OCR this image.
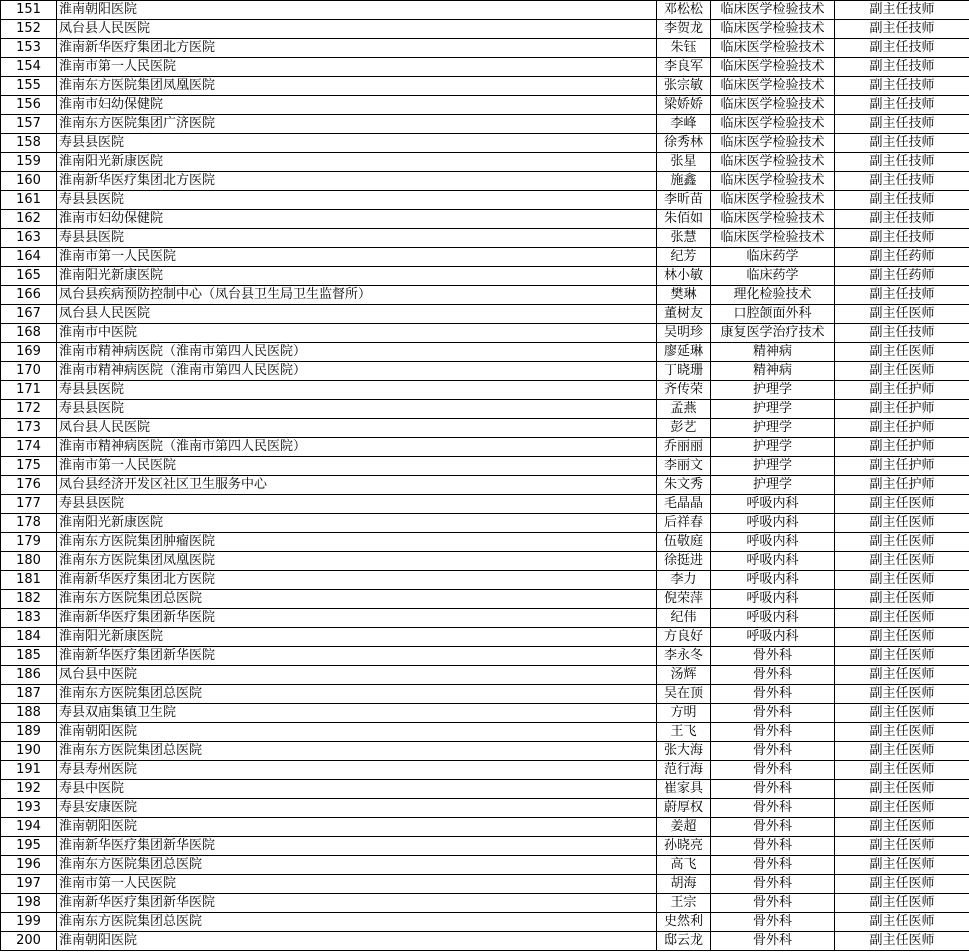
151	淮南朝阳医院	邓松松	临床医学检验技术	副主任技师
152	凤台县人民医院	李贺龙	临床医学检验技术	副主任技师
153	淮南新华医疗集团北方医院	朱钰	临床医学检验技术	副主任技师
154	淮南市第一人民医院	李良军	临床医学检验技术	副主任技师
155	淮南东方医院集团凤凰医院	张宗敏	临床医学检验技术	副主任技师
156	淮南市妇幼保健院	梁娇娇	临床医学检验技术	副主任技师
157	淮南东方医院集团广济医院	李峰	临床医学检验技术	副主任技师
158	寿县县医院	徐秀林	临床医学检验技术	副主任技师
159	淮南阳光新康医院	张星	临床医学检验技术	副主任技师
160	淮南新华医疗集团北方医院	施鑫	临床医学检验技术	副主任技师
161	寿县县医院	李昕苗	临床医学检验技术	副主任技师
162	淮南市妇幼保健院	朱佰如	临床医学检验技术	副主任技师
163	寿县县医院	张慧	临床医学检验技术	副主任技师
164	淮南市第一人民医院	纪芳	临床药学	副主任药师
165	淮南阳光新康医院	林小敏	临床药学	副主任药师
166	凤台县疾病预防控制中心（凤台县卫生局卫生监督所）	樊琳	理化检验技术	副主任技师
167	凤台县人民医院	董树友	口腔颌面外科	副主任医师
168	淮南市中医院	吴明珍	康复医学治疗技术	副主任技师
169	淮南市精神病医院（淮南市第四人民医院）	廖延琳	精神病	副主任医师
170	淮南市精神病医院（淮南市第四人民医院）	丁晓珊	精神病	副主任医师
171	寿县县医院	齐传荣	护理学	副主任护师
172	寿县县医院	孟燕	护理学	副主任护师
173	凤台县人民医院	彭艺	护理学	副主任护师
174	淮南市精神病医院（淮南市第四人民医院）	乔丽丽	护理学	副主任护师
175	淮南市第一人民医院	李丽文	护理学	副主任护师
176	凤台县经济开发区社区卫生服务中心	朱文秀	护理学	副主任护师
177	寿县县医院	毛晶晶	呼吸内科	副主任医师
178	淮南阳光新康医院	后祥春	呼吸内科	副主任医师
179	淮南东方医院集团肿瘤医院	伍敬庭	呼吸内科	副主任医师
180	淮南东方医院集团凤凰医院	徐挺进	呼吸内科	副主任医师
181	淮南新华医疗集团北方医院	李力	呼吸内科	副主任医师
182	淮南东方医院集团总医院	倪荣萍	呼吸内科	副主任医师
183	淮南新华医疗集团新华医院	纪伟	呼吸内科	副主任医师
184	淮南阳光新康医院	方良好	呼吸内科	副主任医师
185	淮南新华医疗集团新华医院	李永冬	骨外科	副主任医师
186	凤台县中医院	汤辉	骨外科	副主任医师
187	淮南东方医院集团总医院	吴在顶	骨外科	副主任医师
188	寿县双庙集镇卫生院	方明	骨外科	副主任医师
189	淮南朝阳医院	王飞	骨外科	副主任医师
190	淮南东方医院集团总医院	张大海	骨外科	副主任医师
191	寿县寿州医院	范行海	骨外科	副主任医师
192	寿县中医院	崔家具	骨外科	副主任医师
193	寿县安康医院	蔚厚权	骨外科	副主任医师
194	淮南朝阳医院	姜超	骨外科	副主任医师
195	淮南新华医疗集团新华医院	孙晓亮	骨外科	副主任医师
196	淮南东方医院集团总医院	高飞	骨外科	副主任医师
197	淮南市第一人民医院	胡海	骨外科	副主任医师
198	淮南新华医疗集团新华医院	王宗	骨外科	副主任医师
199	淮南东方医院集团总医院	史然利	骨外科	副主任医师
200	淮南朝阳医院	邸云龙	骨外科	副主任医师
